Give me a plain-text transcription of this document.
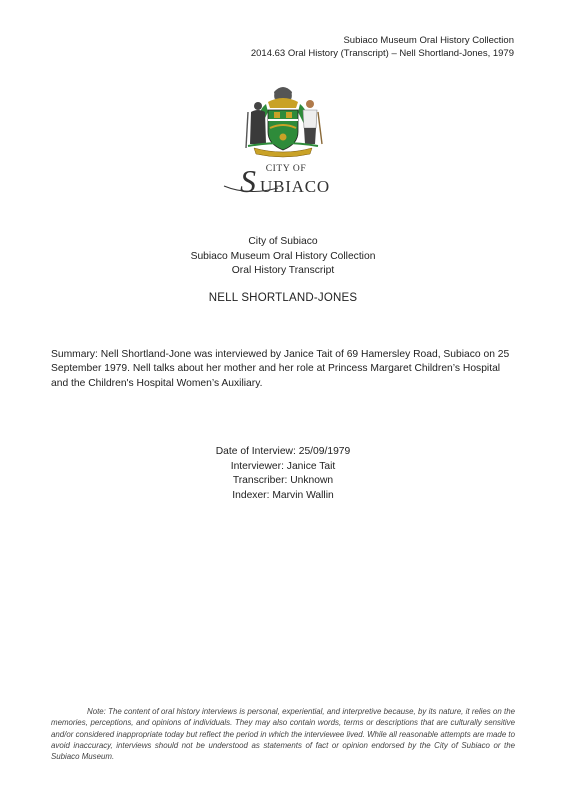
Subiaco Museum Oral History Collection
2014.63 Oral History (Transcript) – Nell Shortland-Jones, 1979
CITY OF
S UBIACO
City of Subiaco
Subiaco Museum Oral History Collection
Oral History Transcript
NELL SHORTLAND-JONES
Summary: Nell Shortland-Jone was interviewed by Janice Tait of 69 Hamersley Road, Subiaco on 25 September 1979. Nell talks about her mother and her role at Princess Margaret Children’s Hospital and the Children's Hospital Women’s Auxiliary.
Date of Interview: 25/09/1979
Interviewer: Janice Tait
Transcriber: Unknown
Indexer: Marvin Wallin
Note: The content of oral history interviews is personal, experiential, and interpretive because, by its nature, it relies on the memories, perceptions, and opinions of individuals. They may also contain words, terms or descriptions that are culturally sensitive and/or considered inappropriate today but reflect the period in which the interviewee lived. While all reasonable attempts are made to avoid inaccuracy, interviews should not be understood as statements of fact or opinion endorsed by the City of Subiaco or the Subiaco Museum.
